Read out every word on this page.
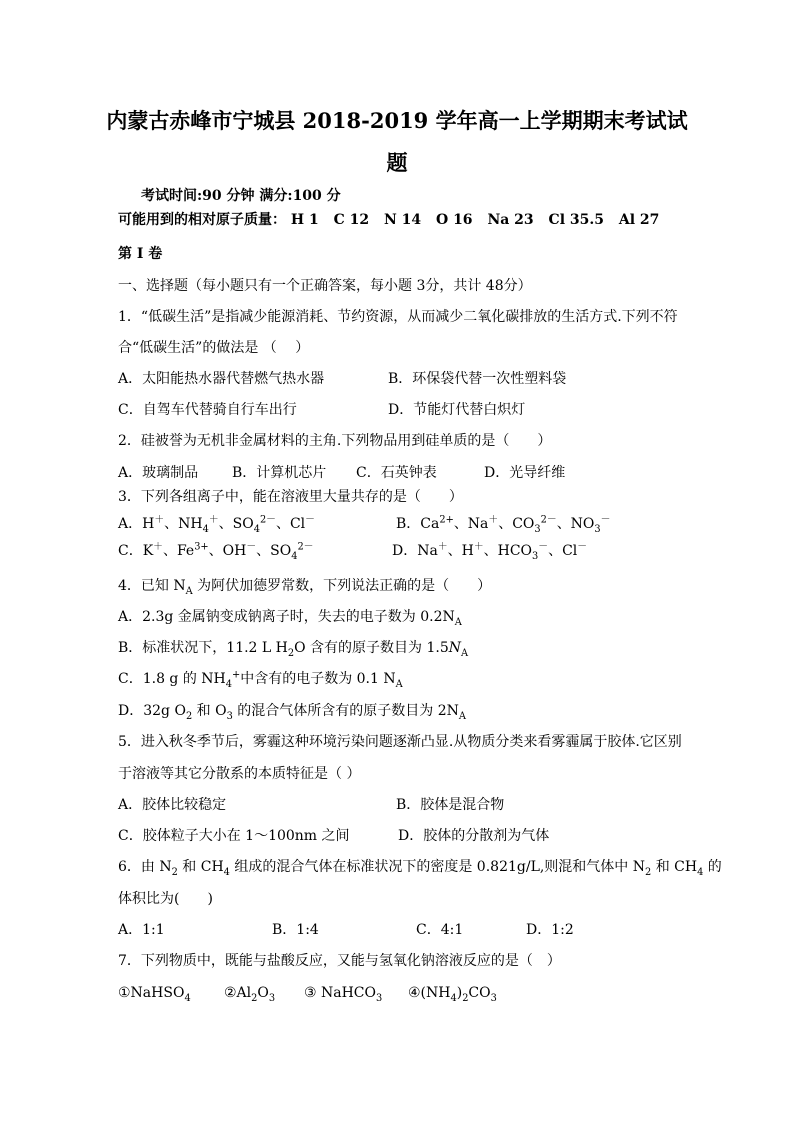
内蒙古赤峰市宁城县 2018-2019 学年高一上学期期末考试试
题
考试时间:90 分钟 满分:100 分
可能用到的相对原子质量： H 1 C 12 N 14 O 16 Na 23 Cl 35.5 Al 27
第 I 卷
一、选择题（每小题只有一个正确答案，每小题 3分，共计 48分）
1．“低碳生活”是指减少能源消耗、节约资源，从而减少二氧化碳排放的生活方式.下列不符
合“低碳生活”的做法是 （　 ）
A．太阳能热水器代替燃气热水器	B．环保袋代替一次性塑料袋
C．自驾车代替骑自行车出行	D．节能灯代替白炽灯
2．硅被誉为无机非金属材料的主角.下列物品用到硅单质的是（　　）
A．玻璃制品 B．计算机芯片 C．石英钟表	D．光导纤维
3．下列各组离子中，能在溶液里大量共存的是（　　）
A．H＋、$NH_4^+$、$SO_4^{2-}$、Cl－	B．$Ca^{2+}$、Na＋、$CO_3^{2-}$、$NO_3^-$
C．K＋、$Fe^{3+}$、OH－、$SO_4^{2-}$	D．Na＋、H＋、$HCO_3^-$、Cl－
4．已知 $N_A$ 为阿伏加德罗常数，下列说法正确的是（　　）
A．2.3g 金属钠变成钠离子时，失去的电子数为 $0.2N_A$
B．标准状况下，11.2 L $H_2O$ 含有的原子数目为 $1.5N_A$
C．1.8 g 的 $NH_4^+$中含有的电子数为 0.1 $N_A$
D．32g $O_2$ 和 $O_3$ 的混合气体所含有的原子数目为 $2N_A$
5．进入秋冬季节后，雾霾这种环境污染问题逐渐凸显.从物质分类来看雾霾属于胶体.它区别
于溶液等其它分散系的本质特征是（ ）
A．胶体比较稳定	B．胶体是混合物
C．胶体粒子大小在 1～100nm 之间	D．胶体的分散剂为气体
6．由 $N_2$ 和 $CH_4$ 组成的混合气体在标准状况下的密度是 0.821g/L,则混和气体中 $N_2$ 和 $CH_4$ 的
体积比为(　　)
A．1:1	B．1:4	C．4:1	D．1:2
7．下列物质中，既能与盐酸反应，又能与氢氧化钠溶液反应的是（　）
①NaHSO$_4$ $②Al_2O_3$ ③ NaHCO$_3$ $④(NH_4)_2CO_3$
